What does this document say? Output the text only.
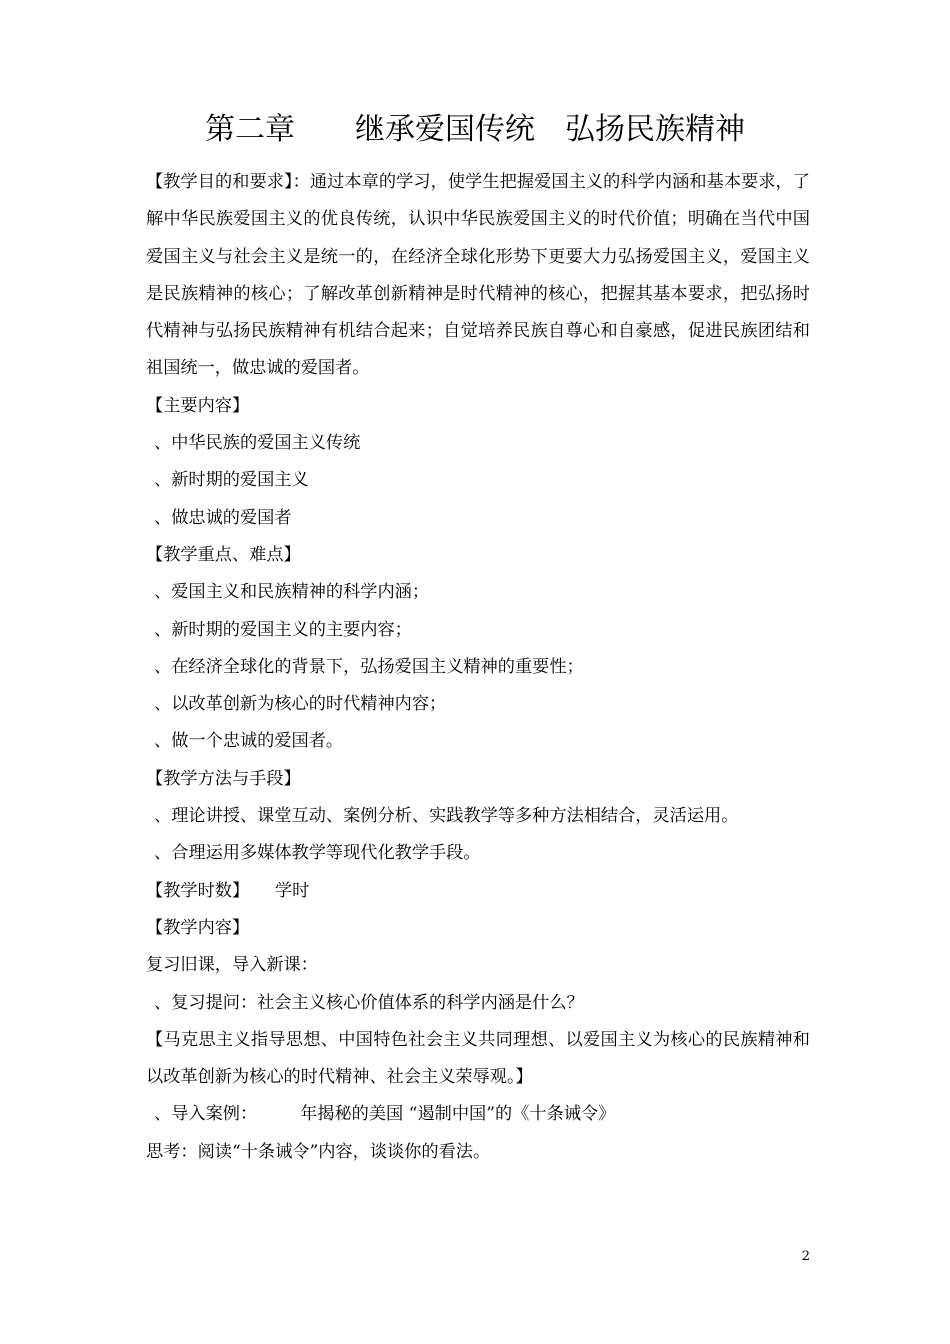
第二章　　继承爱国传统　弘扬民族精神

【教学目的和要求】：通过本章的学习，使学生把握爱国主义的科学内涵和基本要求，了解中华民族爱国主义的优良传统，认识中华民族爱国主义的时代价值；明确在当代中国爱国主义与社会主义是统一的，在经济全球化形势下更要大力弘扬爱国主义，爱国主义是民族精神的核心；了解改革创新精神是时代精神的核心，把握其基本要求，把弘扬时代精神与弘扬民族精神有机结合起来；自觉培养民族自尊心和自豪感，促进民族团结和祖国统一，做忠诚的爱国者。

【主要内容】

、中华民族的爱国主义传统

、新时期的爱国主义

、做忠诚的爱国者

【教学重点、难点】

、爱国主义和民族精神的科学内涵；

、新时期的爱国主义的主要内容；

、在经济全球化的背景下，弘扬爱国主义精神的重要性；

、以改革创新为核心的时代精神内容；

、做一个忠诚的爱国者。

【教学方法与手段】

、理论讲授、课堂互动、案例分析、实践教学等多种方法相结合，灵活运用。

、合理运用多媒体教学等现代化教学手段。

【教学时数】　　学时

【教学内容】

复习旧课，导入新课：

、复习提问：社会主义核心价值体系的科学内涵是什么？

【马克思主义指导思想、中国特色社会主义共同理想、以爱国主义为核心的民族精神和以改革创新为核心的时代精神、社会主义荣辱观。】

、导入案例：　　　年揭秘的美国 “遏制中国”的《十条诫令》

思考：阅读“十条诫令”内容，谈谈你的看法。

2
